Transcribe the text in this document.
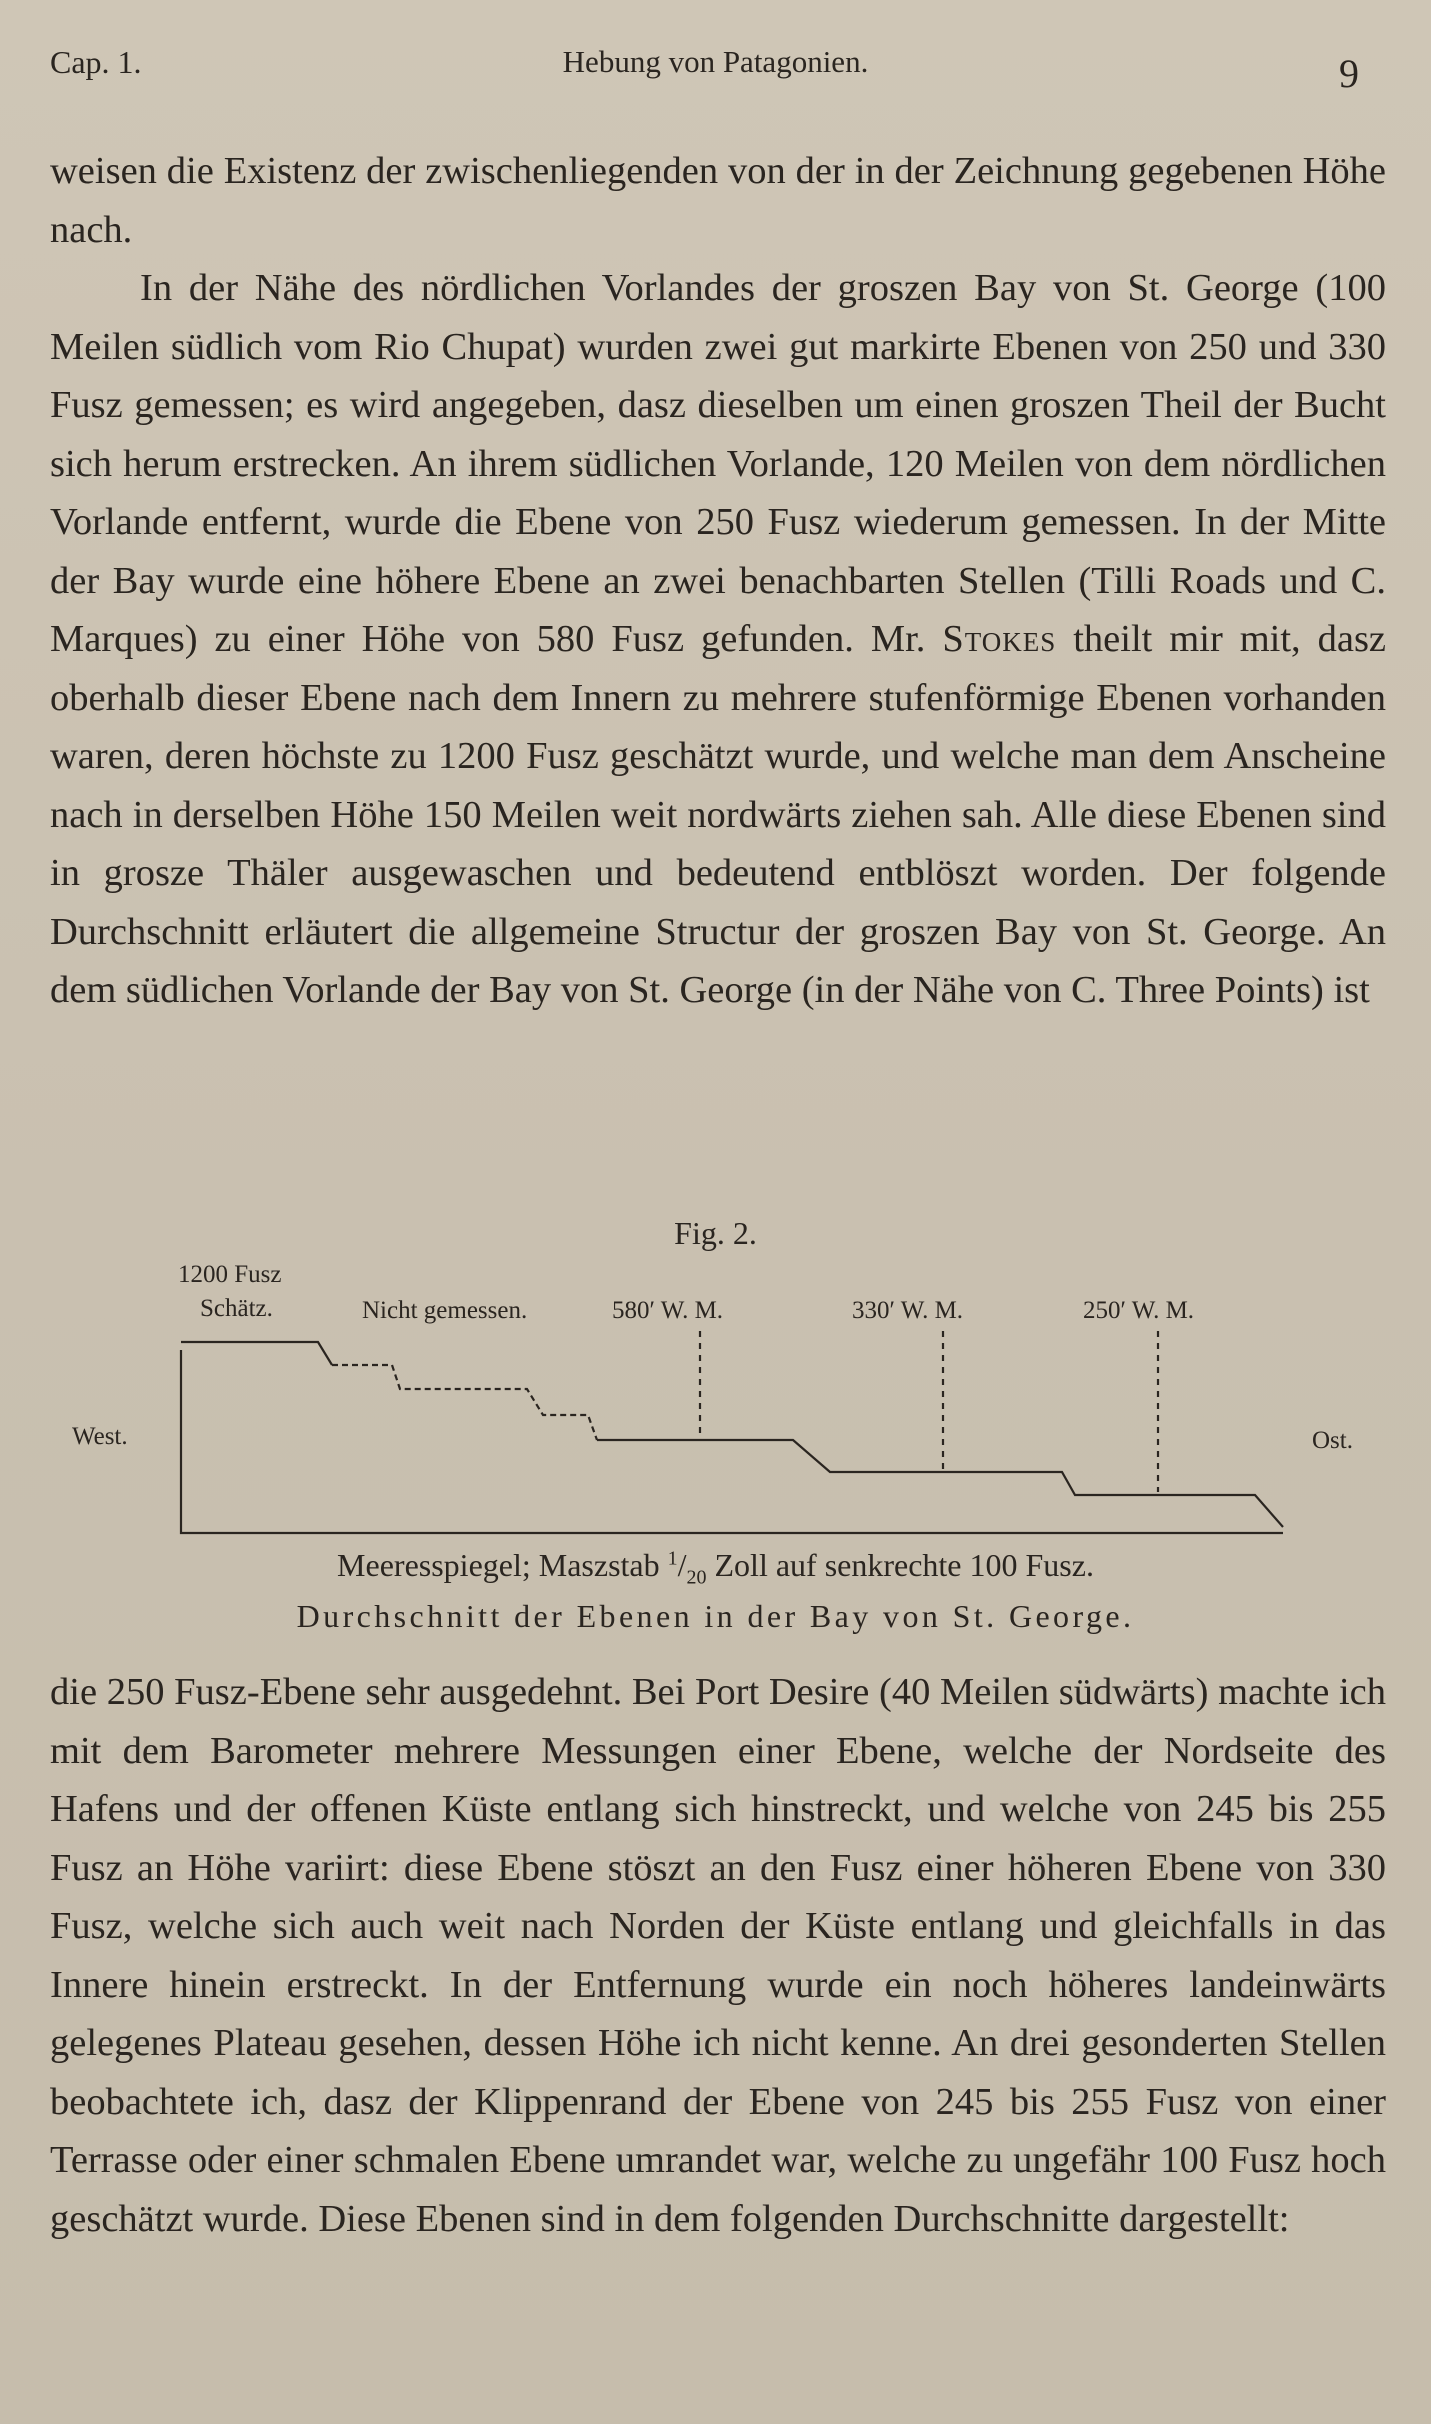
Cap. 1.	Hebung von Patagonien.	9

weisen die Existenz der zwischenliegenden von der in der Zeichnung gegebenen Höhe nach.

In der Nähe des nördlichen Vorlandes der groszen Bay von St. George (100 Meilen südlich vom Rio Chupat) wurden zwei gut markirte Ebenen von 250 und 330 Fusz gemessen; es wird angegeben, dasz dieselben um einen groszen Theil der Bucht sich herum erstrecken. An ihrem südlichen Vorlande, 120 Meilen von dem nördlichen Vorlande entfernt, wurde die Ebene von 250 Fusz wiederum gemessen. In der Mitte der Bay wurde eine höhere Ebene an zwei benachbarten Stellen (Tilli Roads und C. Marques) zu einer Höhe von 580 Fusz gefunden. Mr. Stokes theilt mir mit, dasz oberhalb dieser Ebene nach dem Innern zu mehrere stufenförmige Ebenen vorhanden waren, deren höchste zu 1200 Fusz geschätzt wurde, und welche man dem Anscheine nach in derselben Höhe 150 Meilen weit nordwärts ziehen sah. Alle diese Ebenen sind in grosze Thäler ausgewaschen und bedeutend entblöszt worden. Der folgende Durchschnitt erläutert die allgemeine Structur der groszen Bay von St. George. An dem südlichen Vorlande der Bay von St. George (in der Nähe von C. Three Points) ist

Fig. 2.
1200 Fusz
Schätz.	Nicht gemessen.	580′ W. M.	330′ W. M.	250′ W. M.
West.	Ost.
Meeresspiegel; Maszstab $^1/_{20}$ Zoll auf senkrechte 100 Fusz.
Durchschnitt der Ebenen in der Bay von St. George.

die 250 Fusz-Ebene sehr ausgedehnt. Bei Port Desire (40 Meilen südwärts) machte ich mit dem Barometer mehrere Messungen einer Ebene, welche der Nordseite des Hafens und der offenen Küste entlang sich hinstreckt, und welche von 245 bis 255 Fusz an Höhe variirt: diese Ebene stöszt an den Fusz einer höheren Ebene von 330 Fusz, welche sich auch weit nach Norden der Küste entlang und gleichfalls in das Innere hinein erstreckt. In der Entfernung wurde ein noch höheres landeinwärts gelegenes Plateau gesehen, dessen Höhe ich nicht kenne. An drei gesonderten Stellen beobachtete ich, dasz der Klippenrand der Ebene von 245 bis 255 Fusz von einer Terrasse oder einer schmalen Ebene umrandet war, welche zu ungefähr 100 Fusz hoch geschätzt wurde. Diese Ebenen sind in dem folgenden Durchschnitte dargestellt:
